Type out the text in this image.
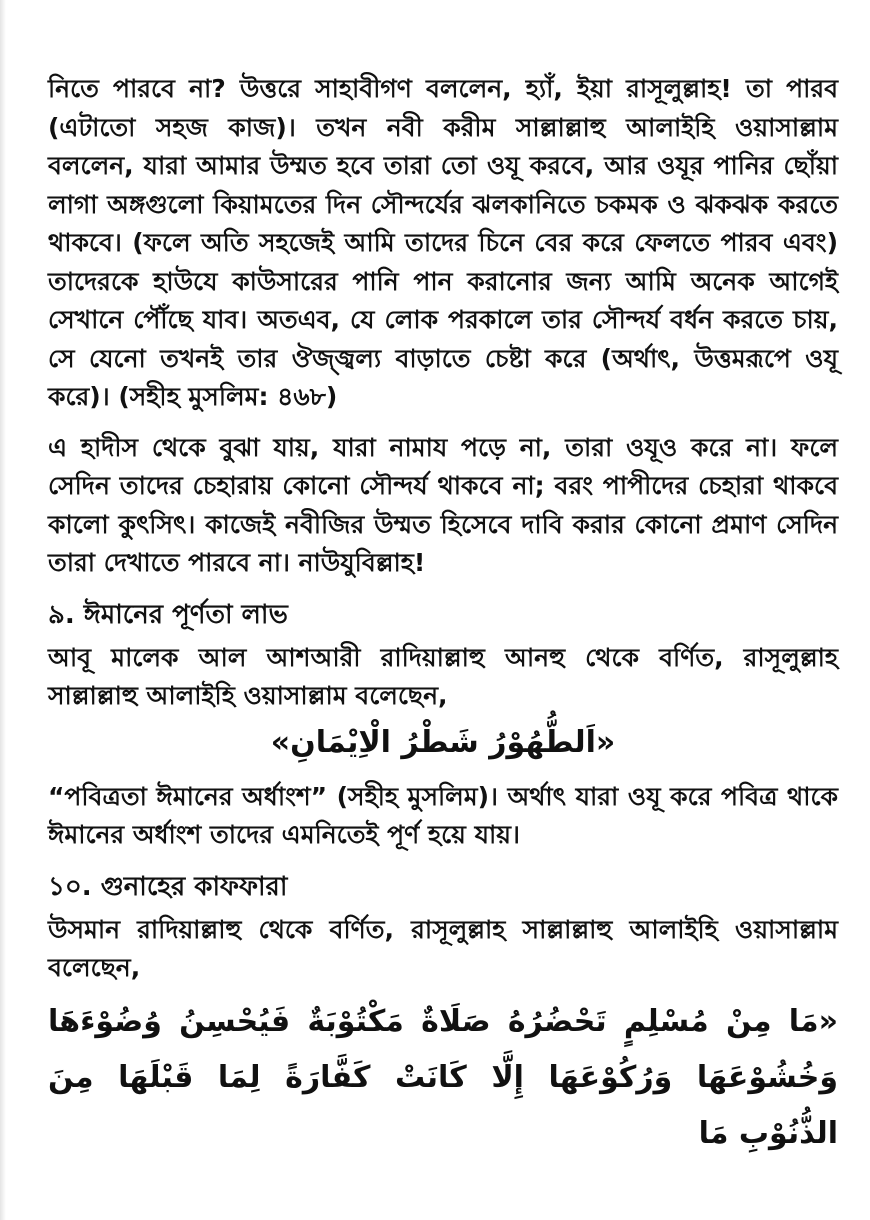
নিতে পারবে না? উত্তরে সাহাবীগণ বললেন, হ্যাঁ, ইয়া রাসূলুল্লাহ! তা পারব (এটাতো সহজ কাজ)। তখন নবী করীম সাল্লাল্লাহু আলাইহি ওয়াসাল্লাম বললেন, যারা আমার উম্মত হবে তারা তো ওযূ করবে, আর ওযূর পানির ছোঁয়া লাগা অঙ্গগুলো কিয়ামতের দিন সৌন্দর্যের ঝলকানিতে চকমক ও ঝকঝক করতে থাকবে। (ফলে অতি সহজেই আমি তাদের চিনে বের করে ফেলতে পারব এবং) তাদেরকে হাউযে কাউসারের পানি পান করানোর জন্য আমি অনেক আগেই সেখানে পৌঁছে যাব। অতএব, যে লোক পরকালে তার সৌন্দর্য বর্ধন করতে চায়, সে যেনো তখনই তার ঔজ্জ্বল্য বাড়াতে চেষ্টা করে (অর্থাৎ, উত্তমরূপে ওযূ করে)। (সহীহ মুসলিম: ৪৬৮)

এ হাদীস থেকে বুঝা যায়, যারা নামায পড়ে না, তারা ওযূও করে না। ফলে সেদিন তাদের চেহারায় কোনো সৌন্দর্য থাকবে না; বরং পাপীদের চেহারা থাকবে কালো কুৎসিৎ। কাজেই নবীজির উম্মত হিসেবে দাবি করার কোনো প্রমাণ সেদিন তারা দেখাতে পারবে না। নাউযুবিল্লাহ!

৯. ঈমানের পূর্ণতা লাভ

আবূ মালেক আল আশআরী রাদিয়াল্লাহু আনহু থেকে বর্ণিত, রাসূলুল্লাহ সাল্লাল্লাহু আলাইহি ওয়াসাল্লাম বলেছেন,

«اَلطُّهُوْرُ شَطْرُ الْاِيْمَانِ»

“পবিত্রতা ঈমানের অর্ধাংশ” (সহীহ মুসলিম)। অর্থাৎ যারা ওযূ করে পবিত্র থাকে ঈমানের অর্ধাংশ তাদের এমনিতেই পূর্ণ হয়ে যায়।

১০. গুনাহের কাফফারা

উসমান রাদিয়াল্লাহু থেকে বর্ণিত, রাসূলুল্লাহ সাল্লাল্লাহু আলাইহি ওয়াসাল্লাম বলেছেন,

«مَا مِنْ مُسْلِمٍ تَحْضُرُهُ صَلَاةٌ مَكْتُوْبَةٌ فَيُحْسِنُ وُضُوْءَهَا وَخُشُوْعَهَا وَرُكُوْعَهَا إِلَّا كَانَتْ كَفَّارَةً لِمَا قَبْلَهَا مِنَ الذُّنُوْبِ مَا
